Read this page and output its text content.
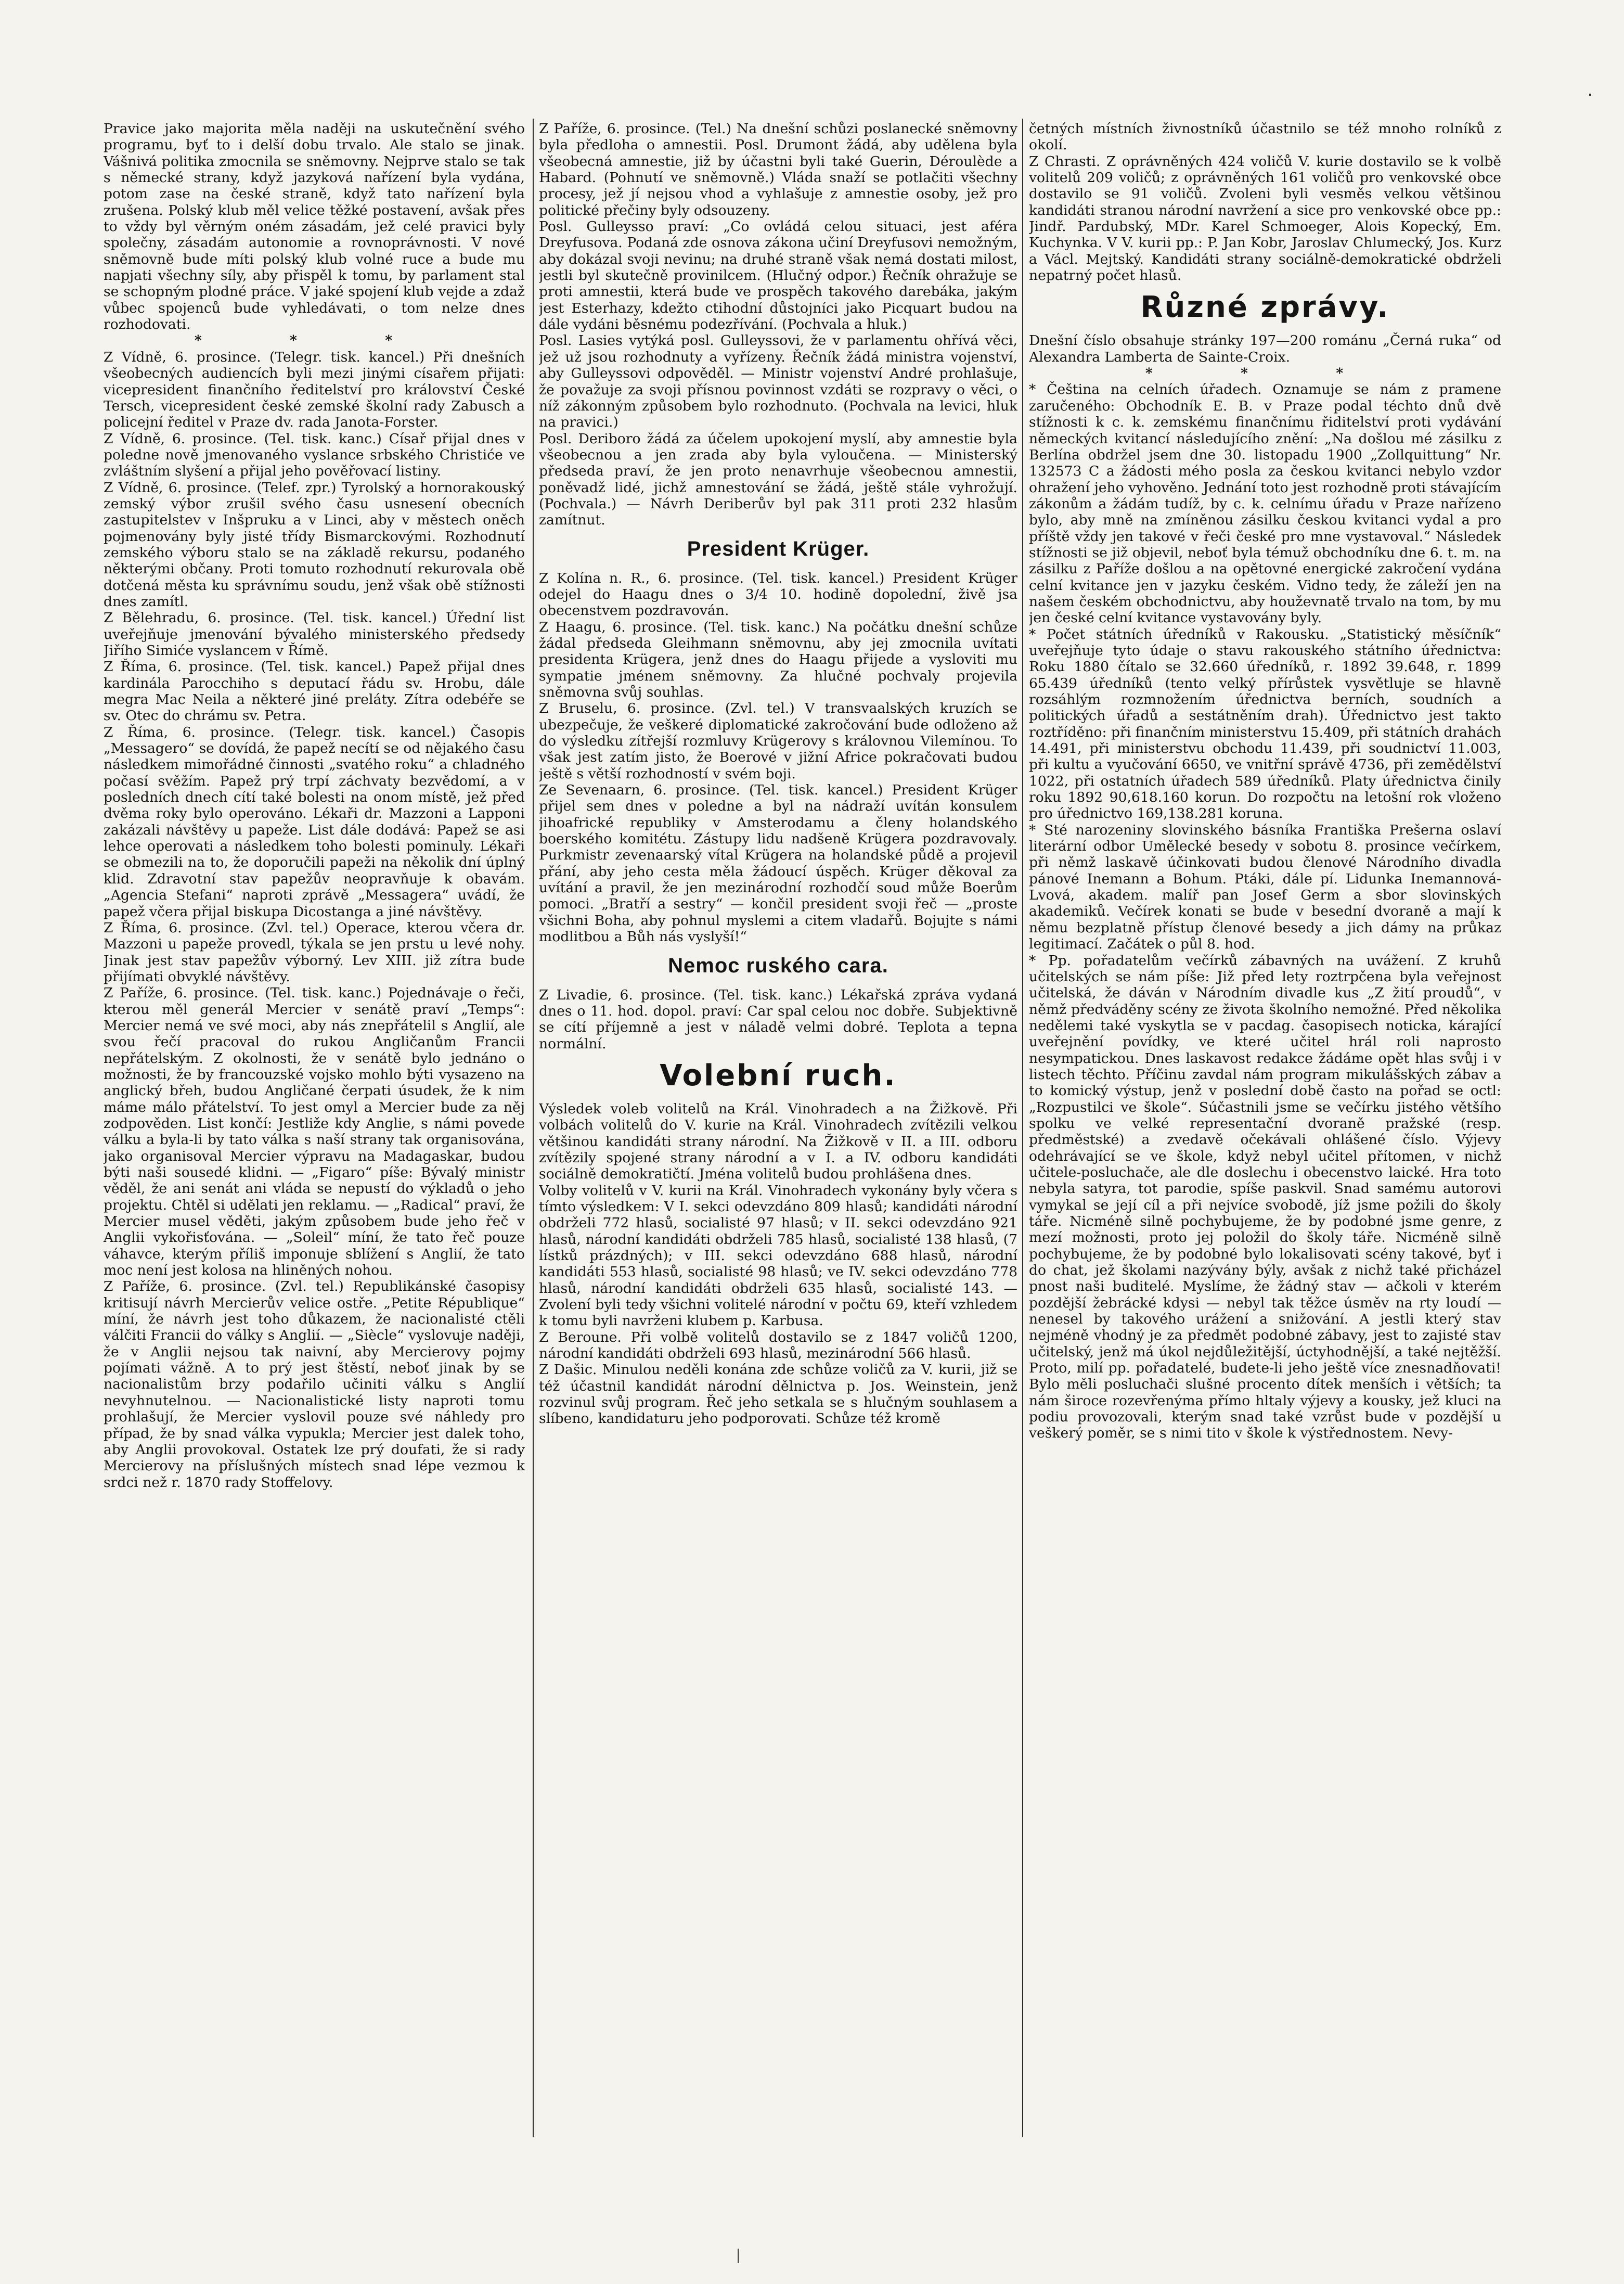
Pravice jako majorita měla naději na uskutečnění svého programu, byť to i delší dobu trvalo. Ale stalo se jinak. Vášnivá politika zmocnila se sněmovny. Nejprve stalo se tak s německé strany, když jazyková nařízení byla vydána, potom zase na české straně, když tato nařízení byla zrušena. Polský klub měl velice těžké postavení, avšak přes to vždy byl věrným oném zásadám, jež celé pravici byly společny, zásadám autonomie a rovnoprávnosti. V nové sněmovně bude míti polský klub volné ruce a bude mu napjati všechny síly, aby přispěl k tomu, by parlament stal se schopným plodné práce. V jaké spojení klub vejde a zdaž vůbec spojenců bude vyhledávati, o tom nelze dnes rozhodovati.

* * *

Z Vídně, 6. prosince. (Telegr. tisk. kancel.) Při dnešních všeobecných audiencích byli mezi jinými císařem přijati: vicepresident finančního ředitelství pro království České Tersch, vicepresident české zemské školní rady Zabusch a policejní ředitel v Praze dv. rada Janota-Forster.

Z Vídně, 6. prosince. (Tel. tisk. kanc.) Císař přijal dnes v poledne nově jmenovaného vyslance srbského Christiće ve zvláštním slyšení a přijal jeho pověřovací listiny.

Z Vídně, 6. prosince. (Telef. zpr.) Tyrolský a hornorakouský zemský výbor zrušil svého času usnesení obecních zastupitelstev v Inšpruku a v Linci, aby v městech oněch pojmenovány byly jisté třídy Bismarckovými. Rozhodnutí zemského výboru stalo se na základě rekursu, podaného některými občany. Proti tomuto rozhodnutí rekurovala obě dotčená města ku správnímu soudu, jenž však obě stížnosti dnes zamítl.

Z Bělehradu, 6. prosince. (Tel. tisk. kancel.) Úřední list uveřejňuje jmenování bývalého ministerského předsedy Jiřího Simiće vyslancem v Římě.

Z Říma, 6. prosince. (Tel. tisk. kancel.) Papež přijal dnes kardinála Parocchiho s deputací řádu sv. Hrobu, dále megra Mac Neila a některé jiné preláty. Zítra odebéře se sv. Otec do chrámu sv. Petra.

Z Říma, 6. prosince. (Telegr. tisk. kancel.) Časopis „Messagero“ se dovídá, že papež necítí se od nějakého času následkem mimořádné činnosti „svatého roku“ a chladného počasí svěžím. Papež prý trpí záchvaty bezvědomí, a v posledních dnech cítí také bolesti na onom místě, jež před dvěma roky bylo operováno. Lékaři dr. Mazzoni a Lapponi zakázali návštěvy u papeže. List dále dodává: Papež se asi lehce operovati a následkem toho bolesti pominuly. Lékaři se obmezili na to, že doporučili papeži na několik dní úplný klid. Zdravotní stav papežův neopravňuje k obavám. „Agencia Stefani“ naproti zprávě „Messagera“ uvádí, že papež včera přijal biskupa Dicostanga a jiné návštěvy.

Z Říma, 6. prosince. (Zvl. tel.) Operace, kterou včera dr. Mazzoni u papeže provedl, týkala se jen prstu u levé nohy. Jinak jest stav papežův výborný. Lev XIII. již zítra bude přijímati obvyklé návštěvy.

Z Paříže, 6. prosince. (Tel. tisk. kanc.) Pojednávaje o řeči, kterou měl generál Mercier v senátě praví „Temps“: Mercier nemá ve své moci, aby nás znepřátelil s Anglií, ale svou řečí pracoval do rukou Angličanům Francii nepřátelským. Z okolnosti, že v senátě bylo jednáno o možnosti, že by francouzské vojsko mohlo býti vysazeno na anglický břeh, budou Angličané čerpati úsudek, že k nim máme málo přátelství. To jest omyl a Mercier bude za něj zodpověden. List končí: Jestliže kdy Anglie, s námi povede válku a byla-li by tato válka s naší strany tak organisována, jako organisoval Mercier výpravu na Madagaskar, budou býti naši sousedé klidni. — „Figaro“ píše: Bývalý ministr věděl, že ani senát ani vláda se nepustí do výkladů o jeho projektu. Chtěl si udělati jen reklamu. — „Radical“ praví, že Mercier musel věděti, jakým způsobem bude jeho řeč v Anglii vykořisťována. — „Soleil“ míní, že tato řeč pouze váhavce, kterým příliš imponuje sblížení s Anglií, že tato moc není jest kolosa na hliněných nohou.

Z Paříže, 6. prosince. (Zvl. tel.) Republikánské časopisy kritisují návrh Mercierův velice ostře. „Petite République“ míní, že návrh jest toho důkazem, že nacionalisté ctěli válčiti Francii do války s Anglií. — „Siècle“ vyslovuje naději, že v Anglii nejsou tak naivní, aby Mercierovy pojmy pojímati vážně. A to prý jest štěstí, neboť jinak by se nacionalistům brzy podařilo učiniti válku s Anglií nevyhnutelnou. — Nacionalistické listy naproti tomu prohlašují, že Mercier vyslovil pouze své náhledy pro případ, že by snad válka vypukla; Mercier jest dalek toho, aby Anglii provokoval. Ostatek lze prý doufati, že si rady Mercierovy na příslušných místech snad lépe vezmou k srdci než r. 1870 rady Stoffelovy.

Z Paříže, 6. prosince. (Tel.) Na dnešní schůzi poslanecké sněmovny byla předloha o amnestii. Posl. Drumont žádá, aby udělena byla všeobecná amnestie, již by účastni byli také Guerin, Déroulède a Habard. (Pohnutí ve sněmovně.) Vláda snaží se potlačiti všechny procesy, jež jí nejsou vhod a vyhlašuje z amnestie osoby, jež pro politické přečiny byly odsouzeny.

Posl. Gulleysso praví: „Co ovládá celou situaci, jest aféra Dreyfusova. Podaná zde osnova zákona učiní Dreyfusovi nemožným, aby dokázal svoji nevinu; na druhé straně však nemá dostati milost, jestli byl skutečně provinilcem. (Hlučný odpor.) Řečník ohražuje se proti amnestii, která bude ve prospěch takového darebáka, jakým jest Esterhazy, kdežto ctihodní důstojníci jako Picquart budou na dále vydáni běsnému podezřívání. (Pochvala a hluk.)

Posl. Lasies vytýká posl. Gulleyssovi, že v parlamentu ohřívá věci, jež už jsou rozhodnuty a vyřízeny. Řečník žádá ministra vojenství, aby Gulleyssovi odpověděl. — Ministr vojenství André prohlašuje, že považuje za svoji přísnou povinnost vzdáti se rozpravy o věci, o níž zákonným způsobem bylo rozhodnuto. (Pochvala na levici, hluk na pravici.)

Posl. Deriboro žádá za účelem upokojení myslí, aby amnestie byla všeobecnou a jen zrada aby byla vyloučena. — Ministerský předseda praví, že jen proto nenavrhuje všeobecnou amnestii, poněvadž lidé, jichž amnestování se žádá, ještě stále vyhrožují. (Pochvala.) — Návrh Deriberův byl pak 311 proti 232 hlasům zamítnut.

President Krüger.

Z Kolína n. R., 6. prosince. (Tel. tisk. kancel.) President Krüger odejel do Haagu dnes o 3/4 10. hodině dopolední, živě jsa obecenstvem pozdravován.

Z Haagu, 6. prosince. (Tel. tisk. kanc.) Na počátku dnešní schůze žádal předseda Gleihmann sněmovnu, aby jej zmocnila uvítati presidenta Krügera, jenž dnes do Haagu přijede a vysloviti mu sympatie jménem sněmovny. Za hlučné pochvaly projevila sněmovna svůj souhlas.

Z Bruselu, 6. prosince. (Zvl. tel.) V transvaalských kruzích se ubezpečuje, že veškeré diplomatické zakročování bude odloženo až do výsledku zítřejší rozmluvy Krügerovy s královnou Vilemínou. To však jest zatím jisto, že Boerové v jižní Africe pokračovati budou ještě s větší rozhodností v svém boji.

Ze Sevenaarn, 6. prosince. (Tel. tisk. kancel.) President Krüger přijel sem dnes v poledne a byl na nádraží uvítán konsulem jihoafrické republiky v Amsterodamu a členy holandského boerského komitétu. Zástupy lidu nadšeně Krügera pozdravovaly. Purkmistr zevenaarský vítal Krügera na holandské půdě a projevil přání, aby jeho cesta měla žádoucí úspěch. Krüger děkoval za uvítání a pravil, že jen mezinárodní rozhodčí soud může Boerům pomoci. „Bratří a sestry“ — končil president svoji řeč — „proste všichni Boha, aby pohnul myslemi a citem vladařů. Bojujte s námi modlitbou a Bůh nás vyslyší!“

Nemoc ruského cara.

Z Livadie, 6. prosince. (Tel. tisk. kanc.) Lékařská zpráva vydaná dnes o 11. hod. dopol. praví: Car spal celou noc dobře. Subjektivně se cítí příjemně a jest v náladě velmi dobré. Teplota a tepna normální.

Volební ruch.

Výsledek voleb volitelů na Král. Vinohradech a na Žižkově. Při volbách volitelů do V. kurie na Král. Vinohradech zvítězili velkou většinou kandidáti strany národní. Na Žižkově v II. a III. odboru zvítězily spojené strany národní a v I. a IV. odboru kandidáti sociálně demokratičtí. Jména volitelů budou prohlášena dnes.

Volby volitelů v V. kurii na Král. Vinohradech vykonány byly včera s tímto výsledkem: V I. sekci odevzdáno 809 hlasů; kandidáti národní obdrželi 772 hlasů, socialisté 97 hlasů; v II. sekci odevzdáno 921 hlasů, národní kandidáti obdrželi 785 hlasů, socialisté 138 hlasů, (7 lístků prázdných); v III. sekci odevzdáno 688 hlasů, národní kandidáti 553 hlasů, socialisté 98 hlasů; ve IV. sekci odevzdáno 778 hlasů, národní kandidáti obdrželi 635 hlasů, socialisté 143. — Zvolení byli tedy všichni volitelé národní v počtu 69, kteří vzhledem k tomu byli navrženi klubem p. Karbusa.

Z Beroune. Při volbě volitelů dostavilo se z 1847 voličů 1200, národní kandidáti obdrželi 693 hlasů, mezinárodní 566 hlasů.

Z Dašic. Minulou neděli konána zde schůze voličů za V. kurii, již se též účastnil kandidát národní dělnictva p. Jos. Weinstein, jenž rozvinul svůj program. Řeč jeho setkala se s hlučným souhlasem a slíbeno, kandidaturu jeho podporovati. Schůze též kromě

četných místních živnostníků účastnilo se též mnoho rolníků z okolí.

Z Chrasti. Z oprávněných 424 voličů V. kurie dostavilo se k volbě volitelů 209 voličů; z oprávněných 161 voličů pro venkovské obce dostavilo se 91 voličů. Zvoleni byli vesměs velkou většinou kandidáti stranou národní navržení a sice pro venkovské obce pp.: Jindř. Pardubský, MDr. Karel Schmoeger, Alois Kopecký, Em. Kuchynka. V V. kurii pp.: P. Jan Kobr, Jaroslav Chlumecký, Jos. Kurz a Václ. Mejtský. Kandidáti strany sociálně-demokratické obdrželi nepatrný počet hlasů.

Různé zprávy.

Dnešní číslo obsahuje stránky 197—200 románu „Černá ruka“ od Alexandra Lamberta de Sainte-Croix.

* * *

* Čeština na celních úřadech. Oznamuje se nám z pramene zaručeného: Obchodník E. B. v Praze podal téchto dnů dvě stížnosti k c. k. zemskému finančnímu řiditelství proti vydávání německých kvitancí následujícího znění: „Na došlou mé zásilku z Berlína obdržel jsem dne 30. listopadu 1900 „Zollquittung“ Nr. 132573 C a žádosti mého posla za českou kvitanci nebylo vzdor ohražení jeho vyhověno. Jednání toto jest rozhodně proti stávajícím zákonům a žádám tudíž, by c. k. celnímu úřadu v Praze nařízeno bylo, aby mně na zmíněnou zásilku českou kvitanci vydal a pro příště vždy jen takové v řeči české pro mne vystavoval.“ Následek stížnosti se již objevil, neboť byla témuž obchodníku dne 6. t. m. na zásilku z Paříže došlou a na opětovné energické zakročení vydána celní kvitance jen v jazyku českém. Vidno tedy, že záleží jen na našem českém obchodnictvu, aby houževnatě trvalo na tom, by mu jen české celní kvitance vystavovány byly.

* Počet státních úředníků v Rakousku. „Statistický měsíčník“ uveřejňuje tyto údaje o stavu rakouského státního úřednictva: Roku 1880 čítalo se 32.660 úředníků, r. 1892 39.648, r. 1899 65.439 úředníků (tento velký přírůstek vysvětluje se hlavně rozsáhlým rozmnožením úřednictva berních, soudních a politických úřadů a sestátněním drah). Úřednictvo jest takto roztříděno: při finančním ministerstvu 15.409, při státních drahách 14.491, při ministerstvu obchodu 11.439, při soudnictví 11.003, při kultu a vyučování 6650, ve vnitřní správě 4736, při zemědělství 1022, při ostatních úřadech 589 úředníků. Platy úřednictva činily roku 1892 90,618.160 korun. Do rozpočtu na letošní rok vloženo pro úřednictvo 169,138.281 koruna.

* Sté narozeniny slovinského básníka Františka Prešerna oslaví literární odbor Umělecké besedy v sobotu 8. prosince večírkem, při němž laskavě účinkovati budou členové Národního divadla pánové Inemann a Bohum. Ptáki, dále pí. Lidunka Inemannová-Lvová, akadem. malíř pan Josef Germ a sbor slovinských akademiků. Večírek konati se bude v besední dvoraně a mají k němu bezplatně přístup členové besedy a jich dámy na průkaz legitimací. Začátek o půl 8. hod.

* Pp. pořadatelům večírků zábavných na uvážení. Z kruhů učitelských se nám píše: Již před lety roztrpčena byla veřejnost učitelská, že dáván v Národním divadle kus „Z žití proudů“, v němž předváděny scény ze života školního nemožné. Před několika nedělemi také vyskytla se v pacdag. časopisech noticka, kárající uveřejnění povídky, ve které učitel hrál roli naprosto nesympatickou. Dnes laskavost redakce žádáme opět hlas svůj i v listech těchto. Příčinu zavdal nám program mikulášských zábav a to komický výstup, jenž v poslední době často na pořad se octl: „Rozpustilci ve škole“. Súčastnili jsme se večírku jistého většího spolku ve velké representační dvoraně pražské (resp. předměstské) a zvedavě očekávali ohlášené číslo. Výjevy odehrávající se ve škole, když nebyl učitel přítomen, v nichž učitele-posluchače, ale dle doslechu i obecenstvo laické. Hra toto nebyla satyra, tot parodie, spíše paskvil. Snad samému autorovi vymykal se její cíl a při nejvíce svobodě, jíž jsme požili do školy táře. Nicméně silně pochybujeme, že by podobné jsme genre, z mezí možnosti, proto jej položil do školy táře. Nicméně silně pochybujeme, že by podobné bylo lokalisovati scény takové, byť i do chat, jež školami nazývány býly, avšak z nichž také přicházel pnost naši buditelé. Myslíme, že žádný stav — ačkoli v kterém pozdější žebrácké kdysi — nebyl tak těžce úsměv na rty loudí — nenesel by takového urážení a snižování. A jestli který stav nejméně vhodný je za předmět podobné zábavy, jest to zajisté stav učitelský, jenž má úkol nejdůležitější, úctyhodnější, a také nejtěžší. Proto, milí pp. pořadatelé, budete-li jeho ještě více znesnadňovati! Bylo měli posluchači slušné procento dítek menších i větších; ta nám široce rozevřenýma přímo hltaly výjevy a kousky, jež kluci na podiu provozovali, kterým snad také vzrůst bude v pozdější u veškerý poměr, se s nimi tito v škole k výstřednostem. Nevy-
